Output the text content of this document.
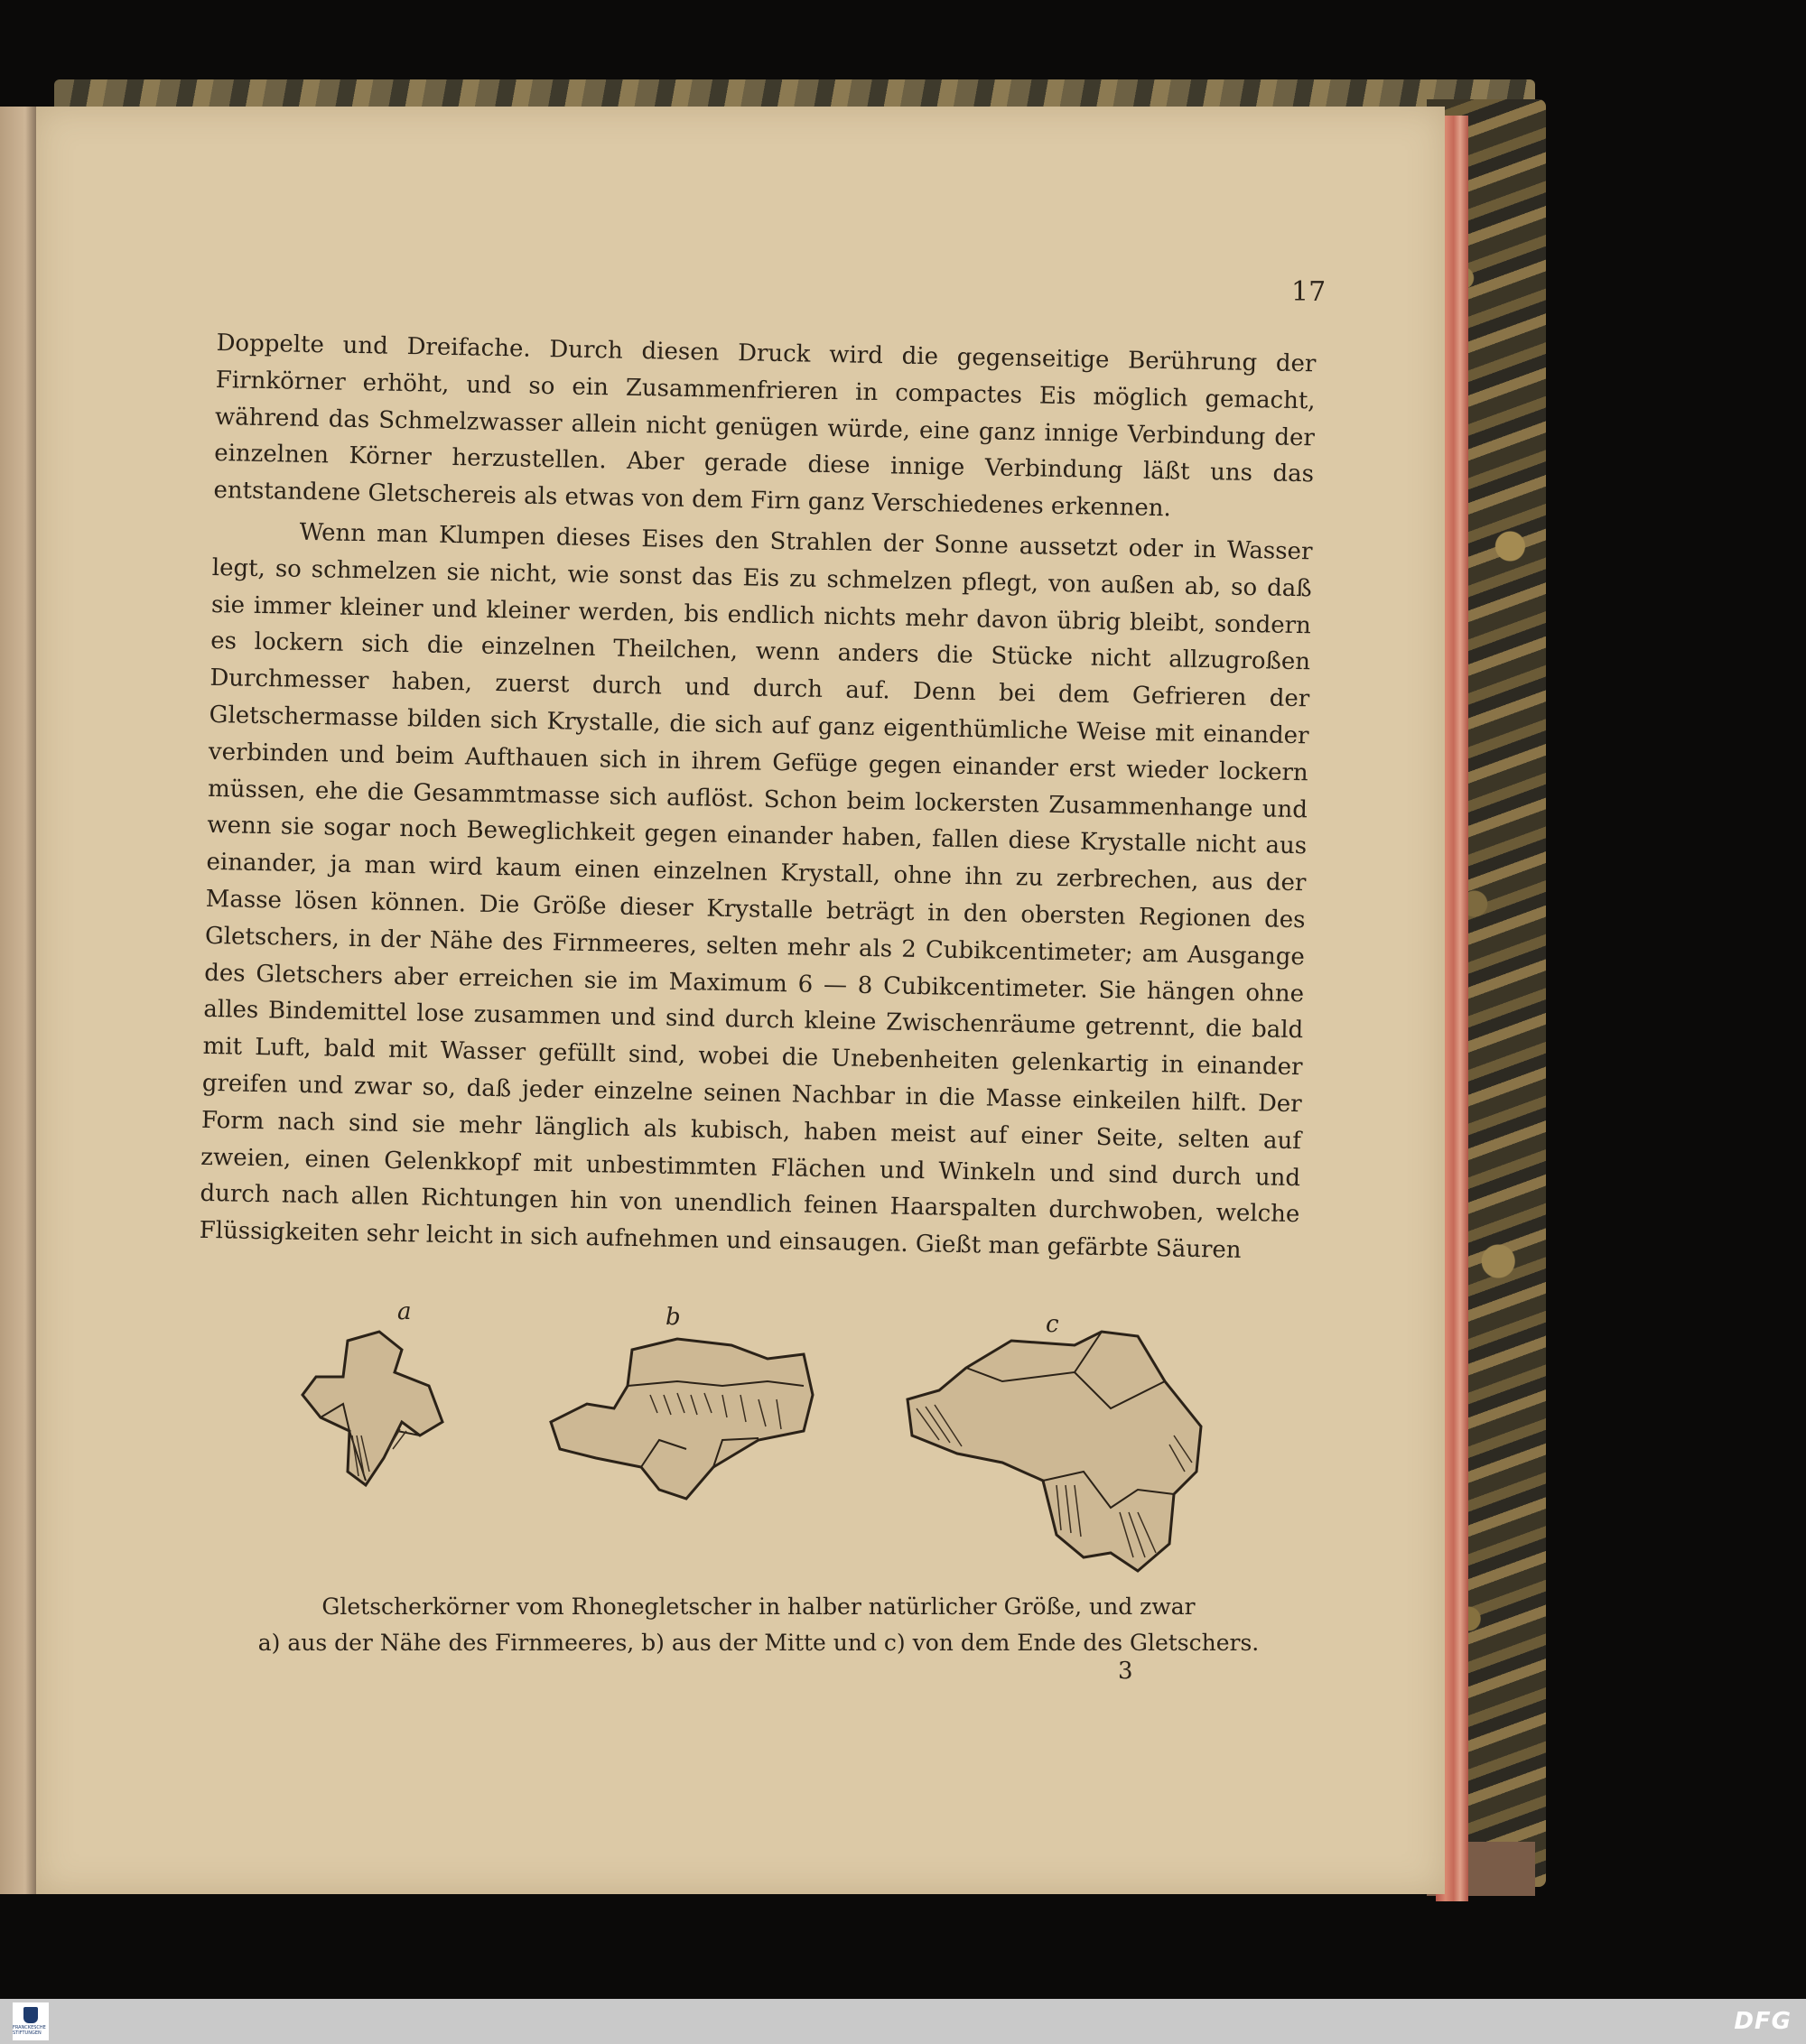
17

Doppelte und Dreifache. Durch diesen Druck wird die gegenseitige Berührung der Firnkörner erhöht, und so ein Zusammenfrieren in compactes Eis möglich gemacht, während das Schmelzwasser allein nicht genügen würde, eine ganz innige Verbindung der einzelnen Körner herzustellen. Aber gerade diese innige Verbindung läßt uns das entstandene Gletschereis als etwas von dem Firn ganz Verschiedenes erkennen.

Wenn man Klumpen dieses Eises den Strahlen der Sonne aussetzt oder in Wasser legt, so schmelzen sie nicht, wie sonst das Eis zu schmelzen pflegt, von außen ab, so daß sie immer kleiner und kleiner werden, bis endlich nichts mehr davon übrig bleibt, sondern es lockern sich die einzelnen Theilchen, wenn anders die Stücke nicht allzugroßen Durchmesser haben, zuerst durch und durch auf. Denn bei dem Gefrieren der Gletschermasse bilden sich Krystalle, die sich auf ganz eigenthümliche Weise mit einander verbinden und beim Aufthauen sich in ihrem Gefüge gegen einander erst wieder lockern müssen, ehe die Gesammtmasse sich auflöst. Schon beim lockersten Zusammenhange und wenn sie sogar noch Beweglichkeit gegen einander haben, fallen diese Krystalle nicht aus einander, ja man wird kaum einen einzelnen Krystall, ohne ihn zu zerbrechen, aus der Masse lösen können. Die Größe dieser Krystalle beträgt in den obersten Regionen des Gletschers, in der Nähe des Firnmeeres, selten mehr als 2 Cubikcentimeter; am Ausgange des Gletschers aber erreichen sie im Maximum 6 — 8 Cubikcentimeter. Sie hängen ohne alles Bindemittel lose zusammen und sind durch kleine Zwischenräume getrennt, die bald mit Luft, bald mit Wasser gefüllt sind, wobei die Unebenheiten gelenkartig in einander greifen und zwar so, daß jeder einzelne seinen Nachbar in die Masse einkeilen hilft. Der Form nach sind sie mehr länglich als kubisch, haben meist auf einer Seite, selten auf zweien, einen Gelenkkopf mit unbestimmten Flächen und Winkeln und sind durch und durch nach allen Richtungen hin von unendlich feinen Haarspalten durchwoben, welche Flüssigkeiten sehr leicht in sich aufnehmen und einsaugen. Gießt man gefärbte Säuren

a	b	c
Gletscherkörner vom Rhonegletscher in halber natürlicher Größe, und zwar
a) aus der Nähe des Firnmeeres, b) aus der Mitte und c) von dem Ende des Gletschers.
3
FRANCKESCHE STIFTUNGEN	DFG
